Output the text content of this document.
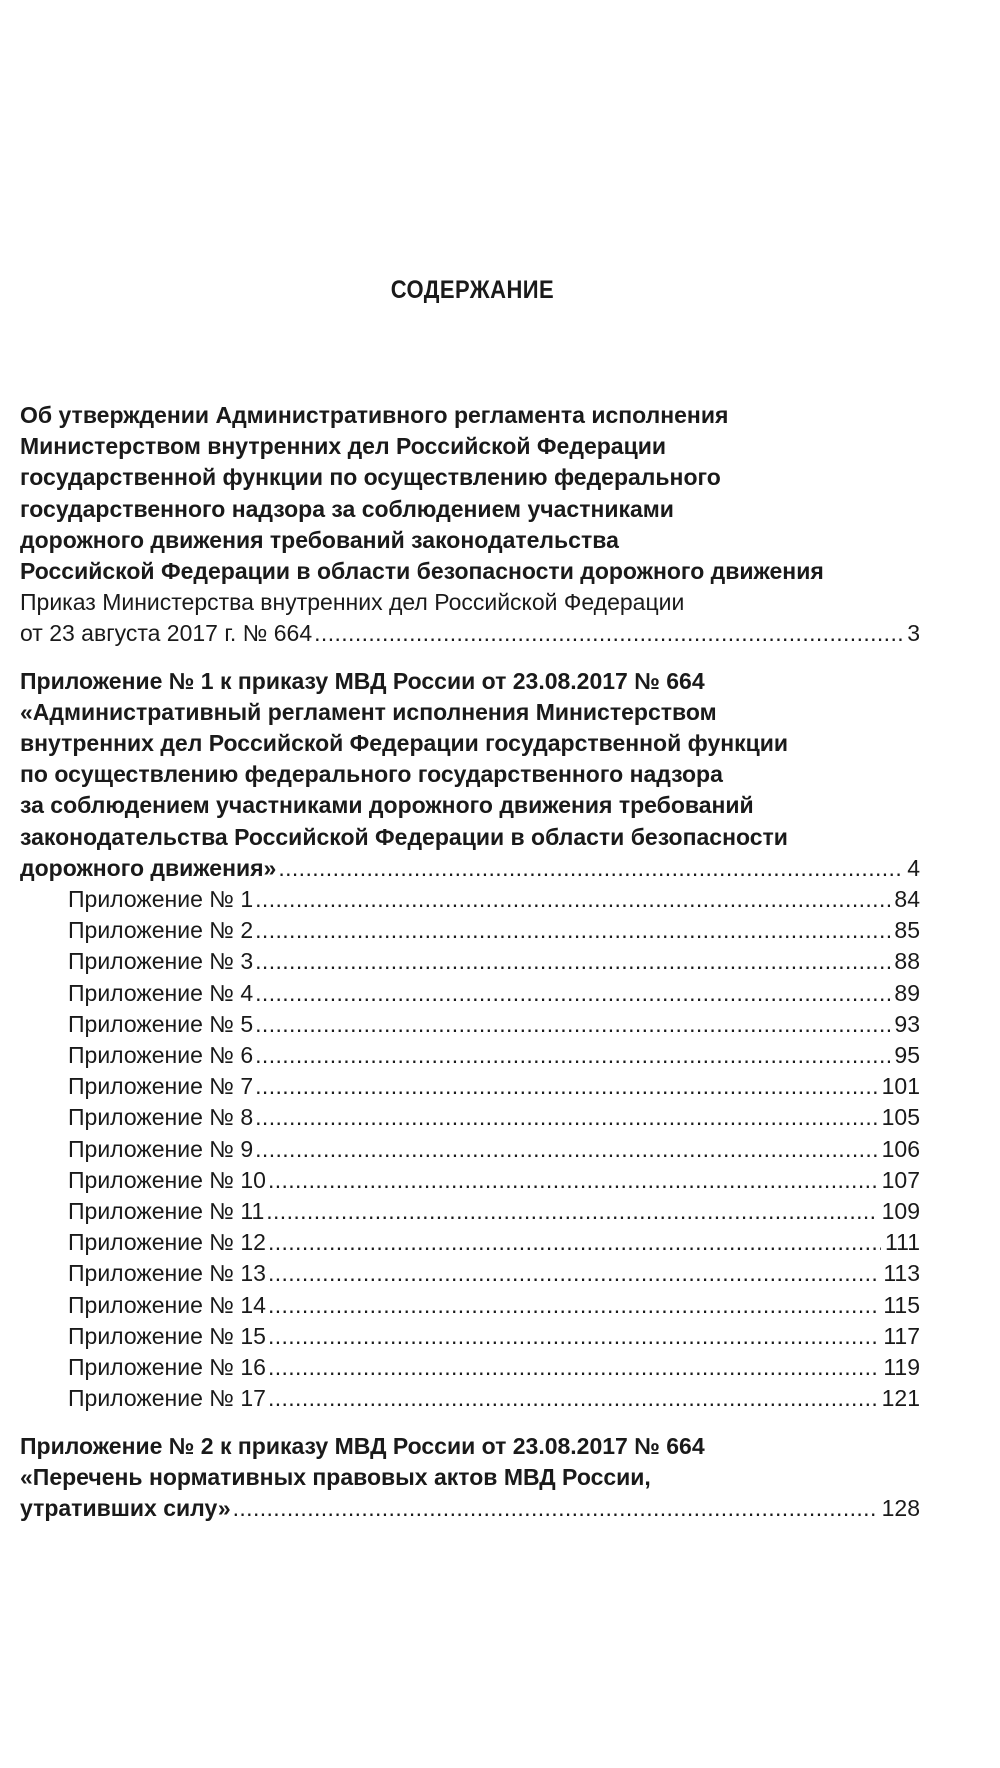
СОДЕРЖАНИЕ
Об утверждении Административного регламента исполнения
Министерством внутренних дел Российской Федерации
государственной функции по осуществлению федерального
государственного надзора за соблюдением участниками
дорожного движения требований законодательства
Российской Федерации в области безопасности дорожного движения
Приказ Министерства внутренних дел Российской Федерации
от 23 августа 2017 г. № 664 . . .	3
Приложение № 1 к приказу МВД России от 23.08.2017 № 664
«Административный регламент исполнения Министерством
внутренних дел Российской Федерации государственной функции
по осуществлению федерального государственного надзора
за соблюдением участниками дорожного движения требований
законодательства Российской Федерации в области безопасности
дорожного движения» . . .	4
Приложение № 1 . . .	84
Приложение № 2 . . .	85
Приложение № 3 . . .	88
Приложение № 4 . . .	89
Приложение № 5 . . .	93
Приложение № 6 . . .	95
Приложение № 7 . . .	101
Приложение № 8 . . .	105
Приложение № 9 . . .	106
Приложение № 10 . . .	107
Приложение № 11 . . .	109
Приложение № 12 . . .	111
Приложение № 13 . . .	113
Приложение № 14 . . .	115
Приложение № 15 . . .	117
Приложение № 16 . . .	119
Приложение № 17 . . .	121
Приложение № 2 к приказу МВД России от 23.08.2017 № 664
«Перечень нормативных правовых актов МВД России,
утративших силу» . . .	128
